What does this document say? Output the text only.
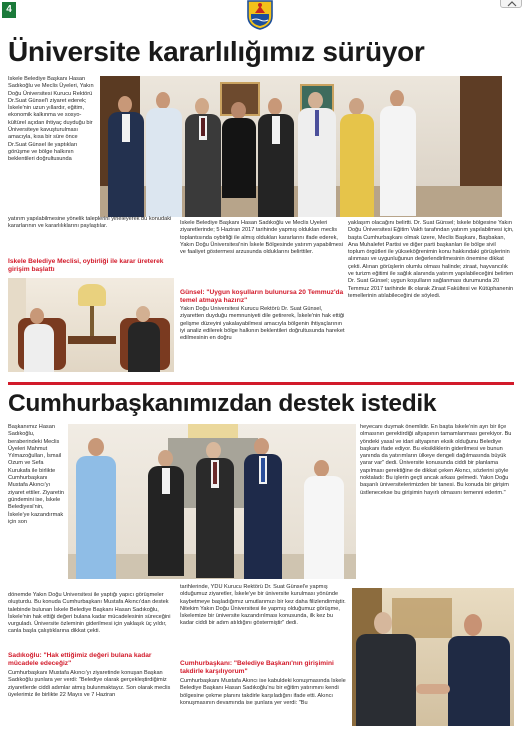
4
Üniversite kararlılığımız sürüyor
İskele Belediye Başkanı Hasan Sadıkoğlu ve Meclis Üyeleri, Yakın Doğu Üniversitesi Kurucu Rektörü Dr.Suat Günsel'i ziyaret ederek; İskele'nin uzun yıllardır, eğitim, ekonomik kalkınma ve sosyo-kültürel açıdan ihtiyaç duyduğu bir Üniversiteye kavuşturulması amacıyla, kısa bir süre önce Dr.Suat Günsel ile yaptıkları görüşme ve bölge halkının beklentileri doğrultusunda
yatırım yapılabilmesine yönelik taleplerini yineleyerek bu konudaki kararlarının ve kararlılıklarını paylaştılar.
İskele Belediye Meclisi, oybirliği ile karar üreterek girişim başlattı
İskele Belediye Başkanı Hasan Sadıkoğlu ve Meclis Üyeleri ziyaretlerinde; 5 Haziran 2017 tarihinde yapmış oldukları meclis toplantısında oybirliği ile almış oldukları kararlarını ifade ederek, Yakın Doğu Üniversitesi'nin İskele Bölgesinde yatırım yapabilmesi ve faaliyet göstermesi arzusunda olduklarını belirttiler.
Günsel: "Uygun koşulların bulunursa 20 Temmuz'da temel atmaya hazırız"
Yakın Doğu Üniversitesi Kurucu Rektörü Dr. Suat Günsel, ziyaretten duyduğu memnuniyeti dile getirerek, İskele'nin hak ettiği gelişme düzeyini yakalayabilmesi amacıyla bölgenin ihtiyaçlarının iyi analiz edilerek bölge halkının beklentileri doğrultusunda hareket edilmesinin en doğru
yaklaşım olacağını belirtti. Dr. Suat Günsel; İskele bölgesine Yakın Doğu Üniversitesi Eğitim Vakfı tarafından yatırım yapılabilmesi için, başta Cumhurbaşkanı olmak üzere, Meclis Başkanı, Başbakan, Ana Muhalefet Partisi ve diğer parti başkanları ile bölge sivil toplum örgütleri ile yükseköğrenimin konu hakkındaki görüşlerinin alınması ve uygunluğunun değerlendirilmesinin önemine dikkat çekti. Alınan görüşlerin olumlu olması halinde; ziraat, hayvancılık ve turizm eğitimi ile sağlık alanında yatırım yapılabileceğini belirten Dr. Suat Günsel; uygun koşulların sağlanması durumunda 20 Temmuz 2017 tarihinde ilk olarak Ziraat Fakültesi ve Kütüphanenin temellerinin atılabileceğini de söyledi.
Cumhurbaşkanımızdan destek istedik
Başkanımız Hasan Sadıkoğlu, beraberindeki Meclis Üyeleri Mahmut Yılmazoğulları, İsmail Ozum ve Sefa Kurukafa ile birlikte Cumhurbaşkanı Mustafa Akıncı'yı ziyaret ettiler. Ziyaretin gündemini ise, İskele Belediyesi'nin, İskele'ye kazandırmak için son
heyecanı duymak önemlidir. En başta İskele'nin ayrı bir ilçe olmasının gerektirdiği altyapının tamamlanması gerekiyor. Bu yöndeki yasal ve idari altyapının eksik olduğunu Belediye başkanı ifade ediyor. Bu eksikliklerin giderilmesi ve bunun yanında da yatırımların ülkeye dengeli dağılmasında büyük yarar var" dedi. Üniversite konusunda ciddi bir planlama yapılması gerektiğine de dikkat çeken Akıncı, sözlerini şöyle noktaladı: Bu işlerin geçti ancak arkası gelmedi. Yakın Doğu başarılı üniversitelerimizden bir tanesi. Bu konuda bir girişim üstlenecekse bu girişimin hayırlı olmasını temenni ederim."
dönemde Yakın Doğu Üniversitesi ile yaptığı yapıcı görüşmeler oluşturdu. Bu konuda Cumhurbaşkanı Mustafa Akıncı'dan destek talebinde bulunan İskele Belediye Başkanı Hasan Sadıkoğlu, İskele'nin hak ettiği değeri bulana kadar mücadelesinin süreceğini vurguladı. Üniversite özleminin giderilmesi için yaklaşık üç yıldır, canla başla çalıştıklarına dikkat çekti.
Sadıkoğlu: "Hak ettiğimiz değeri bulana kadar mücadele edeceğiz"
Cumhurbaşkanı Mustafa Akıncı'yı ziyaretinde konuşan Başkan Sadıkoğlu şunlara yer verdi: "Belediye olarak gerçekleştirdiğimiz ziyaretlerde ciddi adımlar atmış bulunmaktayız. Son olarak meclis üyelerimiz ile birlikte 22 Mayıs ve 7 Haziran
tarihlerinde, YDÜ Kurucu Rektörü Dr. Suat Günsel'e yapmış olduğumuz ziyaretler, İskele'ye bir üniversite kurulması yönünde kaybetmeye başladığımız umutlarımızı bir kez daha filizlendirmiştir. Nitekim Yakın Doğu Üniversitesi ile yapmış olduğumuz görüşme, İskelemize bir üniversite kazandırılması konusunda, ilk kez bu kadar ciddi bir adım atıldığını göstermiştir" dedi.
Cumhurbaşkanı: "Belediye Başkanı'nın girişimini takdirle karşılıyorum"
Cumhurbaşkanı Mustafa Akıncı ise kabuldeki konuşmasında İskele Belediye Başkanı Hasan Sadıkoğlu'nu bir eğitim yatırımını kendi bölgesine çekme planını takdirle karşıladığını ifade etti. Akıncı konuşmasının devamında ise şunlara yer verdi: "Bu
